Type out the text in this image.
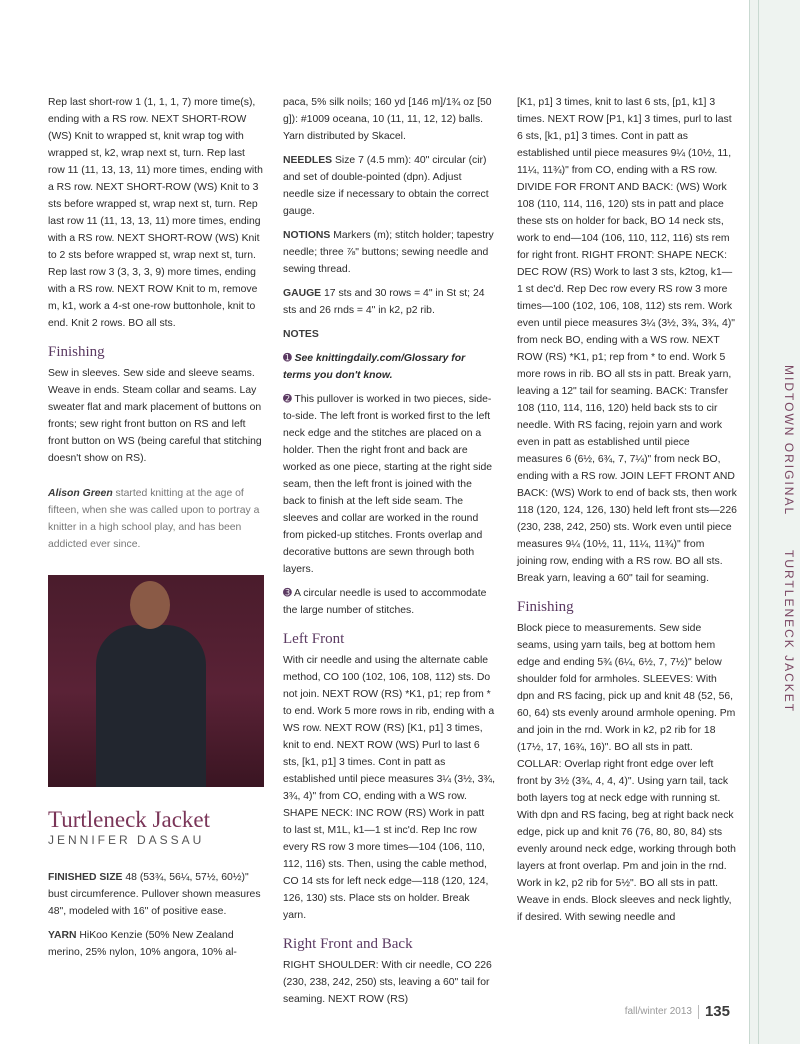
MIDTOWN ORIGINAL
TURTLENECK JACKET

Rep last short-row 1 (1, 1, 1, 7) more time(s), ending with a RS row. NEXT SHORT-ROW (WS) Knit to wrapped st, knit wrap tog with wrapped st, k2, wrap next st, turn. Rep last row 11 (11, 13, 13, 11) more times, ending with a RS row. NEXT SHORT-ROW (WS) Knit to 3 sts before wrapped st, wrap next st, turn. Rep last row 11 (11, 13, 13, 11) more times, ending with a RS row. NEXT SHORT-ROW (WS) Knit to 2 sts before wrapped st, wrap next st, turn. Rep last row 3 (3, 3, 3, 9) more times, ending with a RS row. NEXT ROW Knit to m, remove m, k1, work a 4-st one-row buttonhole, knit to end. Knit 2 rows. BO all sts.

Finishing

Sew in sleeves. Sew side and sleeve seams. Weave in ends. Steam collar and seams. Lay sweater flat and mark placement of buttons on fronts; sew right front button on RS and left front button on WS (being careful that stitching doesn't show on RS).

Alison Green started knitting at the age of fifteen, when she was called upon to portray a knitter in a high school play, and has been addicted ever since.

Turtleneck Jacket
JENNIFER DASSAU

FINISHED SIZE 48 (53¾, 56¼, 57½, 60½)" bust circumference. Pullover shown measures 48", modeled with 16" of positive ease.

YARN HiKoo Kenzie (50% New Zealand merino, 25% nylon, 10% angora, 10% al-

paca, 5% silk noils; 160 yd [146 m]/1¾ oz [50 g]): #1009 oceana, 10 (11, 11, 12, 12) balls. Yarn distributed by Skacel.

NEEDLES Size 7 (4.5 mm): 40" circular (cir) and set of double-pointed (dpn). Adjust needle size if necessary to obtain the correct gauge.

NOTIONS Markers (m); stitch holder; tapestry needle; three ⅞" buttons; sewing needle and sewing thread.

GAUGE 17 sts and 30 rows = 4" in St st; 24 sts and 26 rnds = 4" in k2, p2 rib.

NOTES

➊ See knittingdaily.com/Glossary for terms you don't know.

➋ This pullover is worked in two pieces, side-to-side. The left front is worked first to the left neck edge and the stitches are placed on a holder. Then the right front and back are worked as one piece, starting at the right side seam, then the left front is joined with the back to finish at the left side seam. The sleeves and collar are worked in the round from picked-up stitches. Fronts overlap and decorative buttons are sewn through both layers.

➌ A circular needle is used to accommodate the large number of stitches.

Left Front

With cir needle and using the alternate cable method, CO 100 (102, 106, 108, 112) sts. Do not join. NEXT ROW (RS) *K1, p1; rep from * to end. Work 5 more rows in rib, ending with a WS row. NEXT ROW (RS) [K1, p1] 3 times, knit to end. NEXT ROW (WS) Purl to last 6 sts, [k1, p1] 3 times. Cont in patt as established until piece measures 3¼ (3½, 3¾, 3¾, 4)" from CO, ending with a WS row. SHAPE NECK: INC ROW (RS) Work in patt to last st, M1L, k1—1 st inc'd. Rep Inc row every RS row 3 more times—104 (106, 110, 112, 116) sts. Then, using the cable method, CO 14 sts for left neck edge—118 (120, 124, 126, 130) sts. Place sts on holder. Break yarn.

Right Front and Back

RIGHT SHOULDER: With cir needle, CO 226 (230, 238, 242, 250) sts, leaving a 60" tail for seaming. NEXT ROW (RS)

[K1, p1] 3 times, knit to last 6 sts, [p1, k1] 3 times. NEXT ROW [P1, k1] 3 times, purl to last 6 sts, [k1, p1] 3 times. Cont in patt as established until piece measures 9¼ (10½, 11, 11¼, 11¾)" from CO, ending with a RS row. DIVIDE FOR FRONT AND BACK: (WS) Work 108 (110, 114, 116, 120) sts in patt and place these sts on holder for back, BO 14 neck sts, work to end—104 (106, 110, 112, 116) sts rem for right front. RIGHT FRONT: SHAPE NECK: DEC ROW (RS) Work to last 3 sts, k2tog, k1—1 st dec'd. Rep Dec row every RS row 3 more times—100 (102, 106, 108, 112) sts rem. Work even until piece measures 3¼ (3½, 3¾, 3¾, 4)" from neck BO, ending with a WS row. NEXT ROW (RS) *K1, p1; rep from * to end. Work 5 more rows in rib. BO all sts in patt. Break yarn, leaving a 12" tail for seaming. BACK: Transfer 108 (110, 114, 116, 120) held back sts to cir needle. With RS facing, rejoin yarn and work even in patt as established until piece measures 6 (6½, 6¾, 7, 7¼)" from neck BO, ending with a RS row. JOIN LEFT FRONT AND BACK: (WS) Work to end of back sts, then work 118 (120, 124, 126, 130) held left front sts—226 (230, 238, 242, 250) sts. Work even until piece measures 9¼ (10½, 11, 11¼, 11¾)" from joining row, ending with a RS row. BO all sts. Break yarn, leaving a 60" tail for seaming.

Finishing

Block piece to measurements. Sew side seams, using yarn tails, beg at bottom hem edge and ending 5¾ (6¼, 6½, 7, 7½)" below shoulder fold for armholes. SLEEVES: With dpn and RS facing, pick up and knit 48 (52, 56, 60, 64) sts evenly around armhole opening. Pm and join in the rnd. Work in k2, p2 rib for 18 (17½, 17, 16¾, 16)". BO all sts in patt. COLLAR: Overlap right front edge over left front by 3½ (3¾, 4, 4, 4)". Using yarn tail, tack both layers tog at neck edge with running st. With dpn and RS facing, beg at right back neck edge, pick up and knit 76 (76, 80, 80, 84) sts evenly around neck edge, working through both layers at front overlap. Pm and join in the rnd. Work in k2, p2 rib for 5½". BO all sts in patt. Weave in ends. Block sleeves and neck lightly, if desired. With sewing needle and

fall/winter 2013 135
